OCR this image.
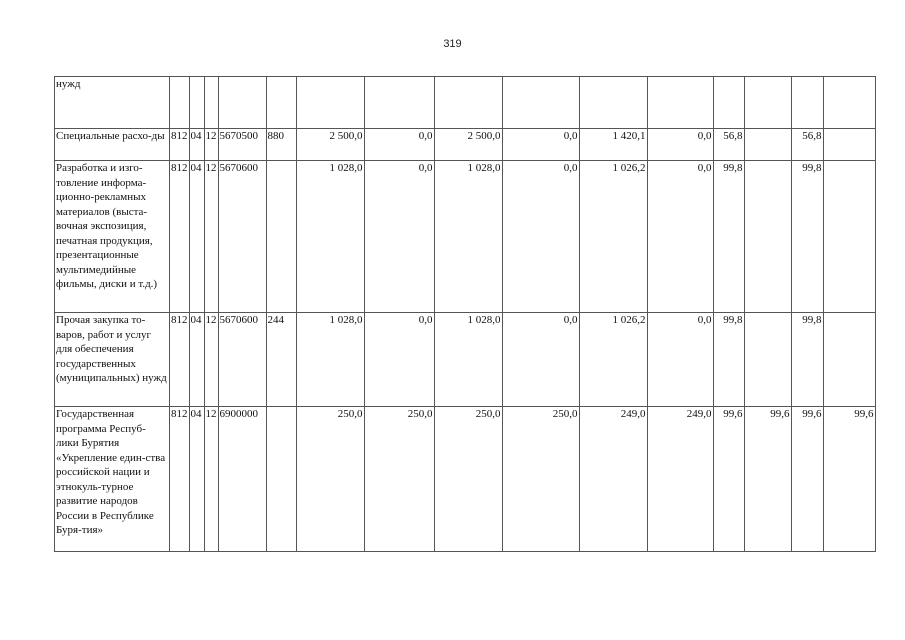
319
нужд															
Специальные расхо-ды	812	04	12	5670500	880	2 500,0	0,0	2 500,0	0,0	1 420,1	0,0	56,8		56,8	
Разработка и изго-товление информа-ционно-рекламных материалов (выста-вочная экспозиция, печатная продукция, презентационные мультимедийные фильмы, диски и т.д.)	812	04	12	5670600		1 028,0	0,0	1 028,0	0,0	1 026,2	0,0	99,8		99,8	
Прочая закупка то-варов, работ и услуг для обеспечения государственных (муниципальных) нужд	812	04	12	5670600	244	1 028,0	0,0	1 028,0	0,0	1 026,2	0,0	99,8		99,8	
Государственная программа Респуб-лики Бурятия «Укрепление един-ства российской нации и этнокуль-турное развитие народов России в Республике Буря-тия»	812	04	12	6900000		250,0	250,0	250,0	250,0	249,0	249,0	99,6	99,6	99,6	99,6
